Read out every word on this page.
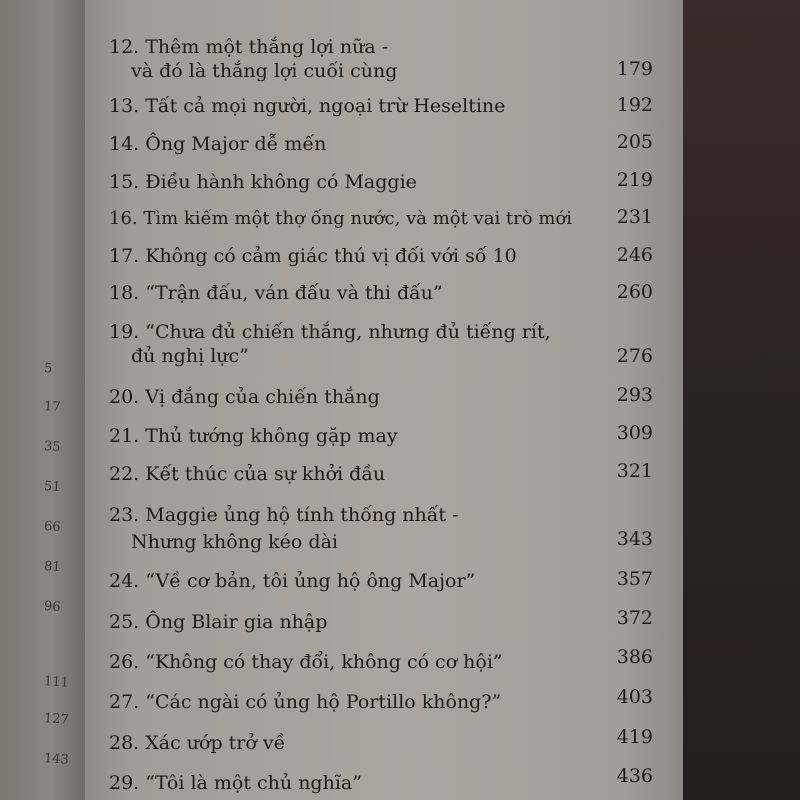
5
17
35
51
66
81
96
111
127
143
12. Thêm một thắng lợi nữa -
và đó là thắng lợi cuối cùng	179
13. Tất cả mọi người, ngoại trừ Heseltine	192
14. Ông Major dễ mến	205
15. Điều hành không có Maggie	219
16. Tìm kiếm một thợ ống nước, và một vai trò mới 231
17. Không có cảm giác thú vị đối với số 10	246
18. “Trận đấu, ván đấu và thi đấu”	260
19. “Chưa đủ chiến thắng, nhưng đủ tiếng rít,
đủ nghị lực”	276
20. Vị đắng của chiến thắng	293
21. Thủ tướng không gặp may	309
22. Kết thúc của sự khởi đầu	321
23. Maggie ủng hộ tính thống nhất -
Nhưng không kéo dài	343
24. “Về cơ bản, tôi ủng hộ ông Major”	357
25. Ông Blair gia nhập	372
26. “Không có thay đổi, không có cơ hội”	386
27. “Các ngài có ủng hộ Portillo không?”	403
28. Xác ướp trở về	419
29. “Tôi là một chủ nghĩa”	436
